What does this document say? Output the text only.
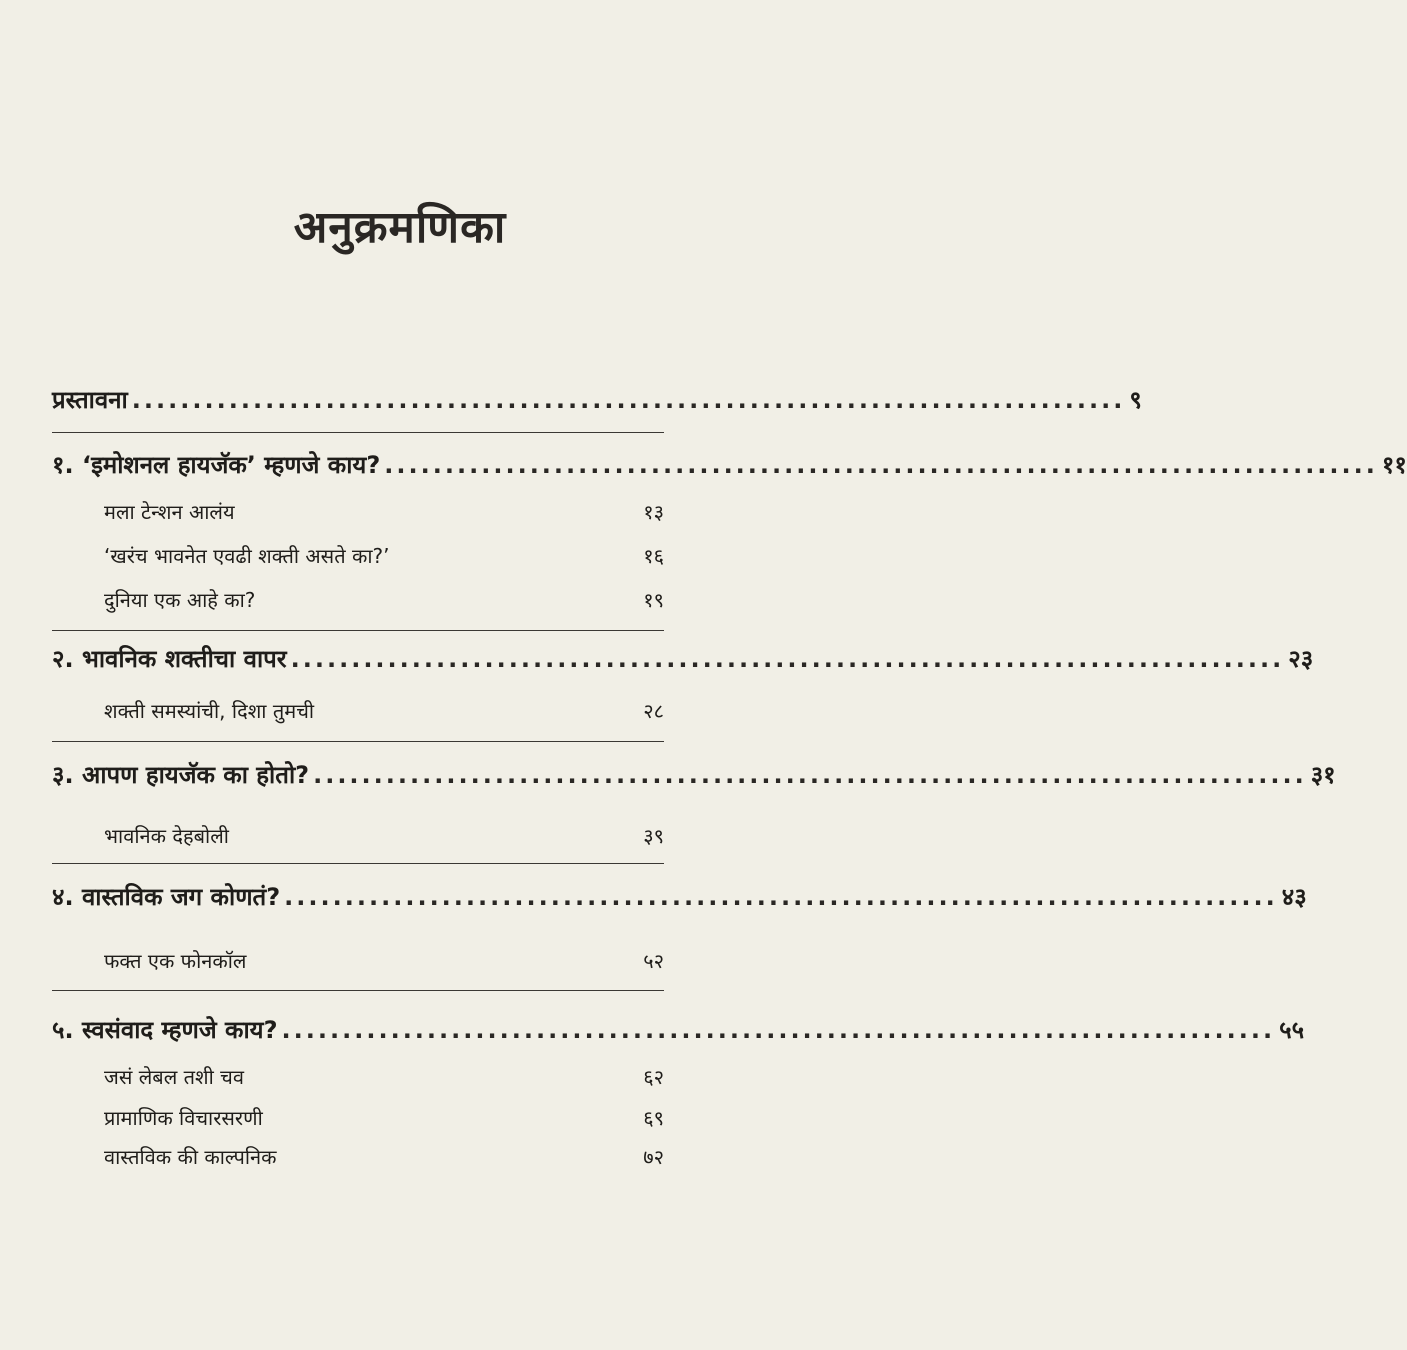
अनुक्रमणिका
प्रस्तावना .................................................................................. ९
१. ‘इमोशनल हायजॅक’ म्हणजे काय? .................................................................................. ११
मला टेन्शन आलंय	१३
‘खरंच भावनेत एवढी शक्ती असते का?’	१६
दुनिया एक आहे का?	१९
२. भावनिक शक्तीचा वापर .................................................................................. २३
शक्ती समस्यांची, दिशा तुमची	२८
३. आपण हायजॅक का होतो? .................................................................................. ३१
भावनिक देहबोली	३९
४. वास्तविक जग कोणतं? .................................................................................. ४३
फक्त एक फोनकॉल	५२
५. स्वसंवाद म्हणजे काय? .................................................................................. ५५
जसं लेबल तशी चव	६२
प्रामाणिक विचारसरणी	६९
वास्तविक की काल्पनिक	७२
